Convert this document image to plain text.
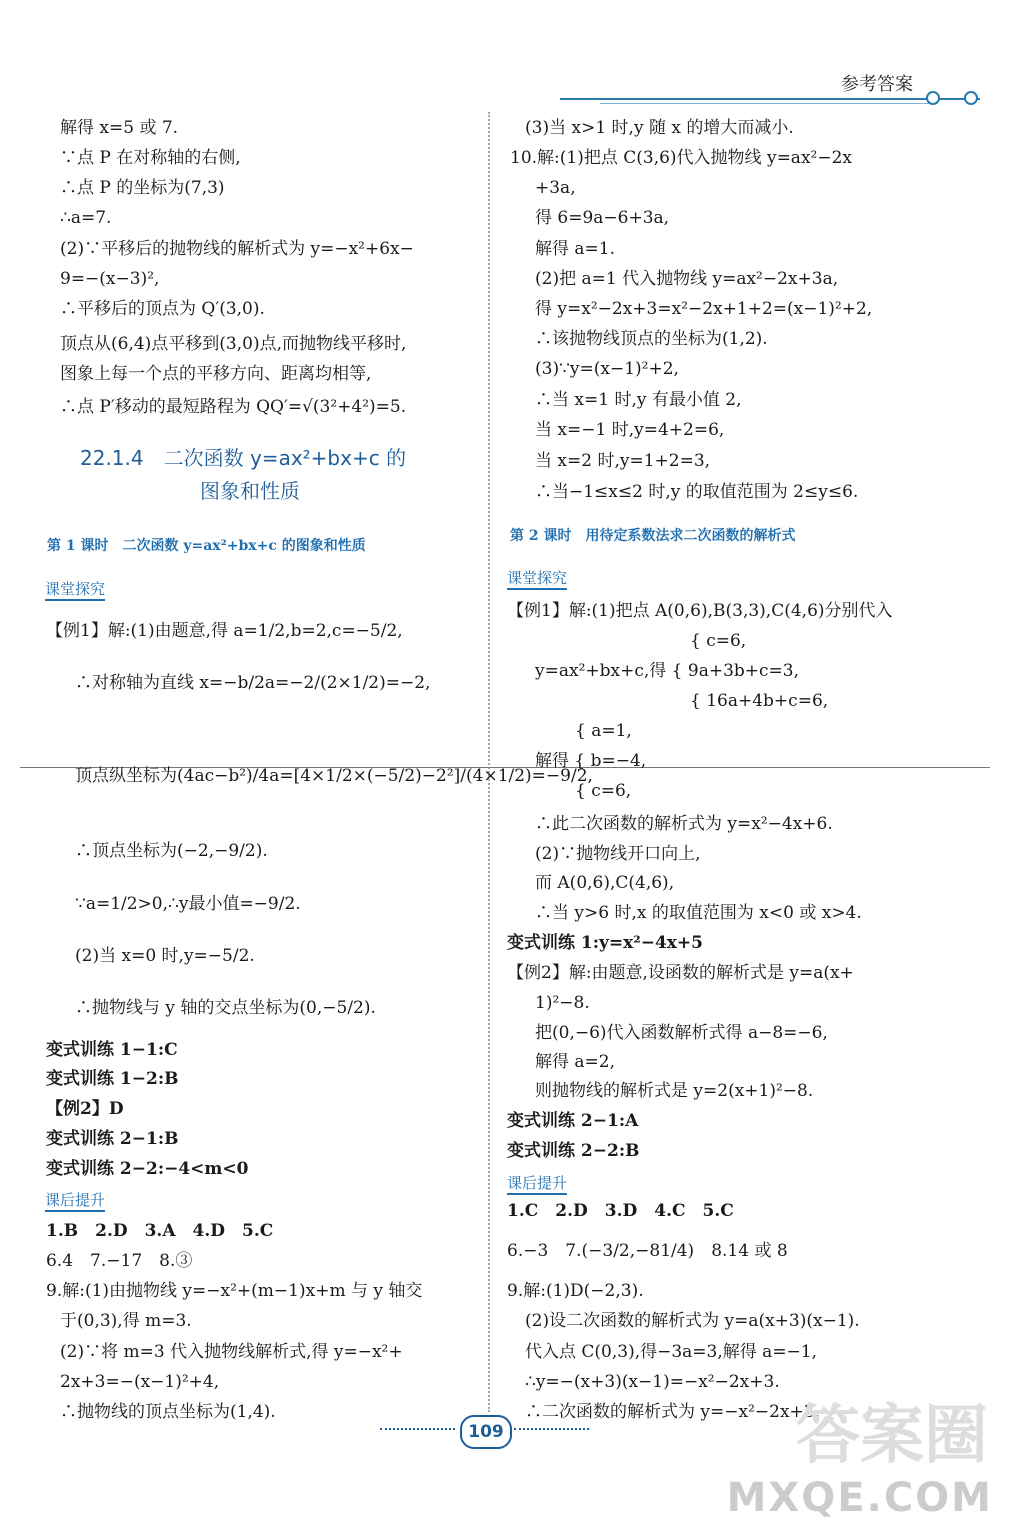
参考答案
解得 x=5 或 7.
∵点 P 在对称轴的右侧,
∴点 P 的坐标为(7,3)
∴a=7.
(2)∵平移后的抛物线的解析式为 y=−x²+6x−
9=−(x−3)²,
∴平移后的顶点为 Q′(3,0).
顶点从(6,4)点平移到(3,0)点,而抛物线平移时,
图象上每一个点的平移方向、距离均相等,
∴点 P′移动的最短路程为 QQ′=√(3²+4²)=5.
22.1.4　二次函数 y=ax²+bx+c 的
图象和性质
第 1 课时　二次函数 y=ax²+bx+c 的图象和性质
课堂探究
【例1】解:(1)由题意,得 a=1/2,b=2,c=−5/2,
∴对称轴为直线 x=−b/2a=−2/(2×1/2)=−2,
顶点纵坐标为(4ac−b²)/4a=[4×1/2×(−5/2)−2²]/(4×1/2)=−9/2,
∴顶点坐标为(−2,−9/2).
∵a=1/2>0,∴y最小值=−9/2.
(2)当 x=0 时,y=−5/2.
∴抛物线与 y 轴的交点坐标为(0,−5/2).
变式训练 1−1:C
变式训练 1−2:B
【例2】D
变式训练 2−1:B
变式训练 2−2:−4<m<0
课后提升
1.B　2.D　3.A　4.D　5.C
6.4　7.−17　8.③
9.解:(1)由抛物线 y=−x²+(m−1)x+m 与 y 轴交
于(0,3),得 m=3.
(2)∵将 m=3 代入抛物线解析式,得 y=−x²+
2x+3=−(x−1)²+4,
∴抛物线的顶点坐标为(1,4).
(3)当 x>1 时,y 随 x 的增大而减小.
10.解:(1)把点 C(3,6)代入抛物线 y=ax²−2x
+3a,
得 6=9a−6+3a,
解得 a=1.
(2)把 a=1 代入抛物线 y=ax²−2x+3a,
得 y=x²−2x+3=x²−2x+1+2=(x−1)²+2,
∴该抛物线顶点的坐标为(1,2).
(3)∵y=(x−1)²+2,
∴当 x=1 时,y 有最小值 2,
当 x=−1 时,y=4+2=6,
当 x=2 时,y=1+2=3,
∴当−1≤x≤2 时,y 的取值范围为 2≤y≤6.
第 2 课时　用待定系数法求二次函数的解析式
课堂探究
【例1】解:(1)把点 A(0,6),B(3,3),C(4,6)分别代入
{ c=6,
y=ax²+bx+c,得 { 9a+3b+c=3,
{ 16a+4b+c=6,
{ a=1,
解得 { b=−4,
{ c=6,
∴此二次函数的解析式为 y=x²−4x+6.
(2)∵抛物线开口向上,
而 A(0,6),C(4,6),
∴当 y>6 时,x 的取值范围为 x<0 或 x>4.
变式训练 1:y=x²−4x+5
【例2】解:由题意,设函数的解析式是 y=a(x+
1)²−8.
把(0,−6)代入函数解析式得 a−8=−6,
解得 a=2,
则抛物线的解析式是 y=2(x+1)²−8.
变式训练 2−1:A
变式训练 2−2:B
课后提升
1.C　2.D　3.D　4.C　5.C
6.−3　7.(−3/2,−81/4)　8.14 或 8
9.解:(1)D(−2,3).
(2)设二次函数的解析式为 y=a(x+3)(x−1).
代入点 C(0,3),得−3a=3,解得 a=−1,
∴y=−(x+3)(x−1)=−x²−2x+3.
∴二次函数的解析式为 y=−x²−2x+3.
109	答案圈
MXQE.COM
